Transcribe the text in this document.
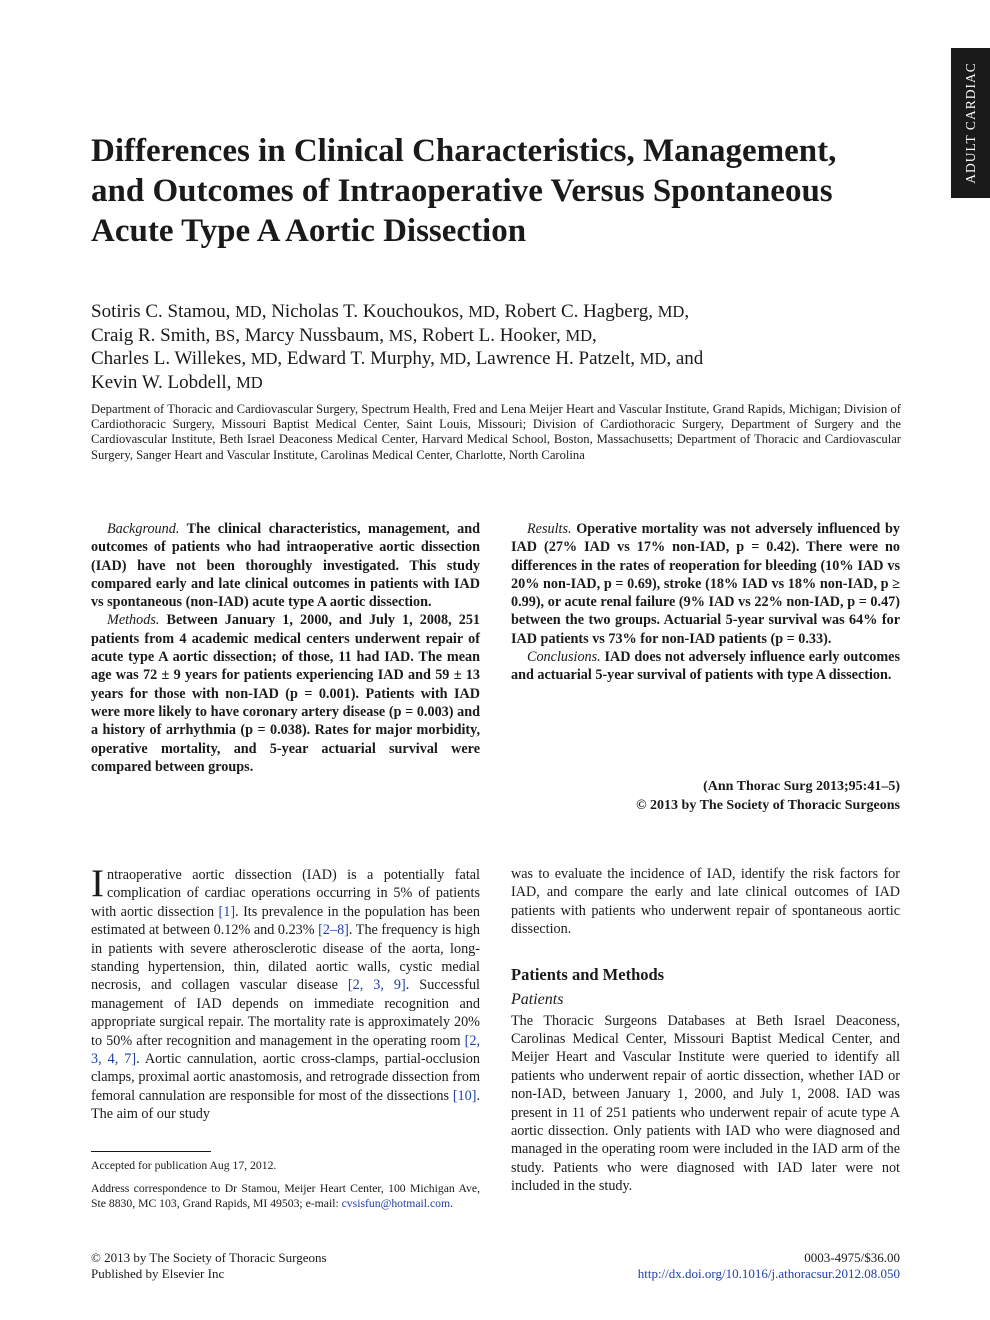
ADULT CARDIAC
Differences in Clinical Characteristics, Management, and Outcomes of Intraoperative Versus Spontaneous Acute Type A Aortic Dissection
Sotiris C. Stamou, MD, Nicholas T. Kouchoukos, MD, Robert C. Hagberg, MD,
Craig R. Smith, BS, Marcy Nussbaum, MS, Robert L. Hooker, MD,
Charles L. Willekes, MD, Edward T. Murphy, MD, Lawrence H. Patzelt, MD, and
Kevin W. Lobdell, MD
Department of Thoracic and Cardiovascular Surgery, Spectrum Health, Fred and Lena Meijer Heart and Vascular Institute, Grand Rapids, Michigan; Division of Cardiothoracic Surgery, Missouri Baptist Medical Center, Saint Louis, Missouri; Division of Cardiothoracic Surgery, Department of Surgery and the Cardiovascular Institute, Beth Israel Deaconess Medical Center, Harvard Medical School, Boston, Massachusetts; Department of Thoracic and Cardiovascular Surgery, Sanger Heart and Vascular Institute, Carolinas Medical Center, Charlotte, North Carolina

Background. The clinical characteristics, management, and outcomes of patients who had intraoperative aortic dissection (IAD) have not been thoroughly investigated. This study compared early and late clinical outcomes in patients with IAD vs spontaneous (non-IAD) acute type A aortic dissection.

Methods. Between January 1, 2000, and July 1, 2008, 251 patients from 4 academic medical centers underwent repair of acute type A aortic dissection; of those, 11 had IAD. The mean age was 72 ± 9 years for patients experiencing IAD and 59 ± 13 years for those with non-IAD (p = 0.001). Patients with IAD were more likely to have coronary artery disease (p = 0.003) and a history of arrhythmia (p = 0.038). Rates for major morbidity, operative mortality, and 5-year actuarial survival were compared between groups.

Results. Operative mortality was not adversely influenced by IAD (27% IAD vs 17% non-IAD, p = 0.42). There were no differences in the rates of reoperation for bleeding (10% IAD vs 20% non-IAD, p = 0.69), stroke (18% IAD vs 18% non-IAD, p ≥ 0.99), or acute renal failure (9% IAD vs 22% non-IAD, p = 0.47) between the two groups. Actuarial 5-year survival was 64% for IAD patients vs 73% for non-IAD patients (p = 0.33).

Conclusions. IAD does not adversely influence early outcomes and actuarial 5-year survival of patients with type A dissection.

(Ann Thorac Surg 2013;95:41–5)
© 2013 by The Society of Thoracic Surgeons

Intraoperative aortic dissection (IAD) is a potentially fatal complication of cardiac operations occurring in 5% of patients with aortic dissection [1]. Its prevalence in the population has been estimated at between 0.12% and 0.23% [2–8]. The frequency is high in patients with severe atherosclerotic disease of the aorta, long-standing hypertension, thin, dilated aortic walls, cystic medial necrosis, and collagen vascular disease [2, 3, 9]. Successful management of IAD depends on immediate recognition and appropriate surgical repair. The mortality rate is approximately 20% to 50% after recognition and management in the operating room [2, 3, 4, 7]. Aortic cannulation, aortic cross-clamps, partial-occlusion clamps, proximal aortic anastomosis, and retrograde dissection from femoral cannulation are responsible for most of the dissections [10]. The aim of our study

was to evaluate the incidence of IAD, identify the risk factors for IAD, and compare the early and late clinical outcomes of IAD patients with patients who underwent repair of spontaneous aortic dissection.

Patients and Methods

Patients

The Thoracic Surgeons Databases at Beth Israel Deaconess, Carolinas Medical Center, Missouri Baptist Medical Center, and Meijer Heart and Vascular Institute were queried to identify all patients who underwent repair of aortic dissection, whether IAD or non-IAD, between January 1, 2000, and July 1, 2008. IAD was present in 11 of 251 patients who underwent repair of acute type A aortic dissection. Only patients with IAD who were diagnosed and managed in the operating room were included in the IAD arm of the study. Patients who were diagnosed with IAD later were not included in the study.

Accepted for publication Aug 17, 2012.

Address correspondence to Dr Stamou, Meijer Heart Center, 100 Michigan Ave, Ste 8830, MC 103, Grand Rapids, MI 49503; e-mail: cvsisfun@hotmail.com.

© 2013 by The Society of Thoracic Surgeons
Published by Elsevier Inc
0003-4975/$36.00
http://dx.doi.org/10.1016/j.athoracsur.2012.08.050
